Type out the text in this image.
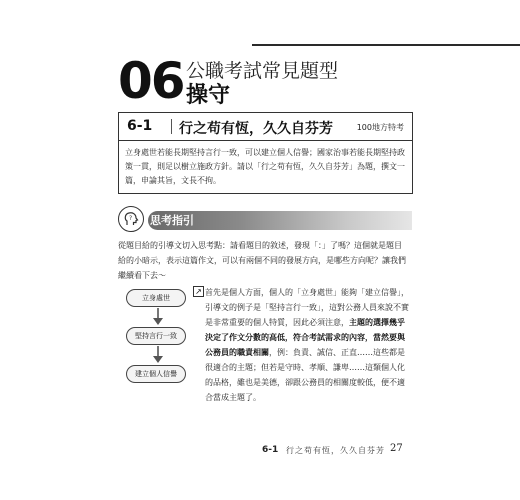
06 公職考試常見題型
操守
6-1 行之苟有恆，久久自芬芳	100地方特考
立身處世若能長期堅持言行一致，可以建立個人信譽；國家治事若能長期堅持政策一貫，則足以樹立施政方針。請以「行之苟有恆，久久自芬芳」為題，撰文一篇，申論其旨，文長不拘。
? 思考指引
從題目給的引導文切入思考點：請看題目的敘述，發現「：」了嗎？這個就是題目給的小暗示，表示這篇作文，可以有兩個不同的發展方向，是哪些方向呢？讓我們繼續看下去～
立身處世
堅持言行一致
建立個人信譽
↗ 首先是個人方面，個人的「立身處世」能夠「建立信譽」，引導文的例子是「堅持言行一致」，這對公務人員來說不實是非常重要的個人特質，因此必須注意，主題的選擇幾乎決定了作文分數的高低，符合考試需求的內容，當然要與公務員的職責相關，例：負責、誠信、正直……這些都是很適合的主題；但若是守時、孝順、謙卑……這類個人化的品格，雖也是美德，卻跟公務員的相關度較低，便不適合當成主題了。
6-1 行之苟有恆，久久自芬芳 27
